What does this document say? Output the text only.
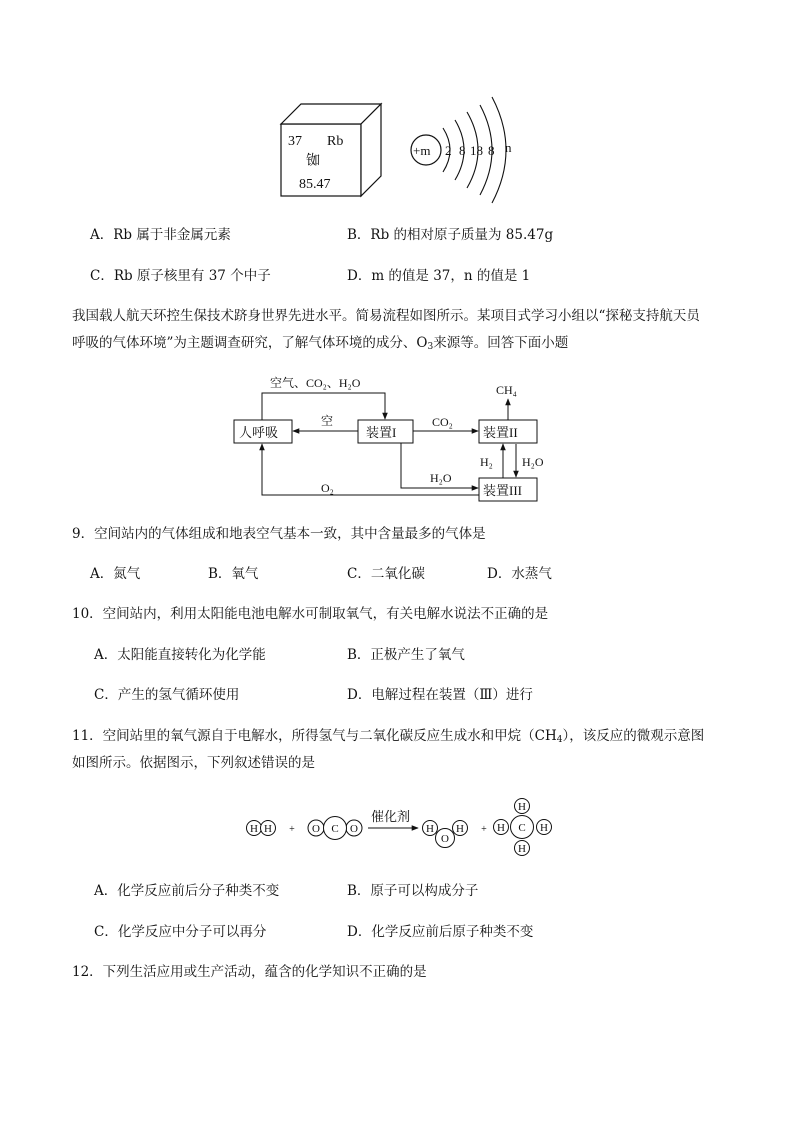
37 Rb
铷
85.47
+m 2 8 18 8 n
A．Rb 属于非金属元素	B．Rb 的相对原子质量为 85.47g
C．Rb 原子核里有 37 个中子	D．m 的值是 37，n 的值是 1
我国载人航天环控生保技术跻身世界先进水平。简易流程如图所示。某项目式学习小组以“探秘支持航天员
呼吸的气体环境”为主题调查研究，了解气体环境的成分、$O_3$来源等。回答下面小题
人呼吸	装置I	装置II
装置III
空气、CO₂、H₂O
空	CO₂
CH₄
H₂ H₂O
H₂O
O₂
9．空间站内的气体组成和地表空气基本一致，其中含量最多的气体是
A．氮气	B．氧气	C．二氧化碳	D．水蒸气
10．空间站内，利用太阳能电池电解水可制取氧气，有关电解水说法不正确的是
A．太阳能直接转化为化学能	B．正极产生了氧气
C．产生的氢气循环使用	D．电解过程在装置（Ⅲ）进行
11．空间站里的氧气源自于电解水，所得氢气与二氧化碳反应生成水和甲烷$(CH_4)$，该反应的微观示意图
如图所示。依据图示，下列叙述错误的是
H H + O C O	H
O
H +
H
H C H
H
催化剂
A．化学反应前后分子种类不变	B．原子可以构成分子
C．化学反应中分子可以再分	D．化学反应前后原子种类不变
12．下列生活应用或生产活动，蕴含的化学知识不正确的是
